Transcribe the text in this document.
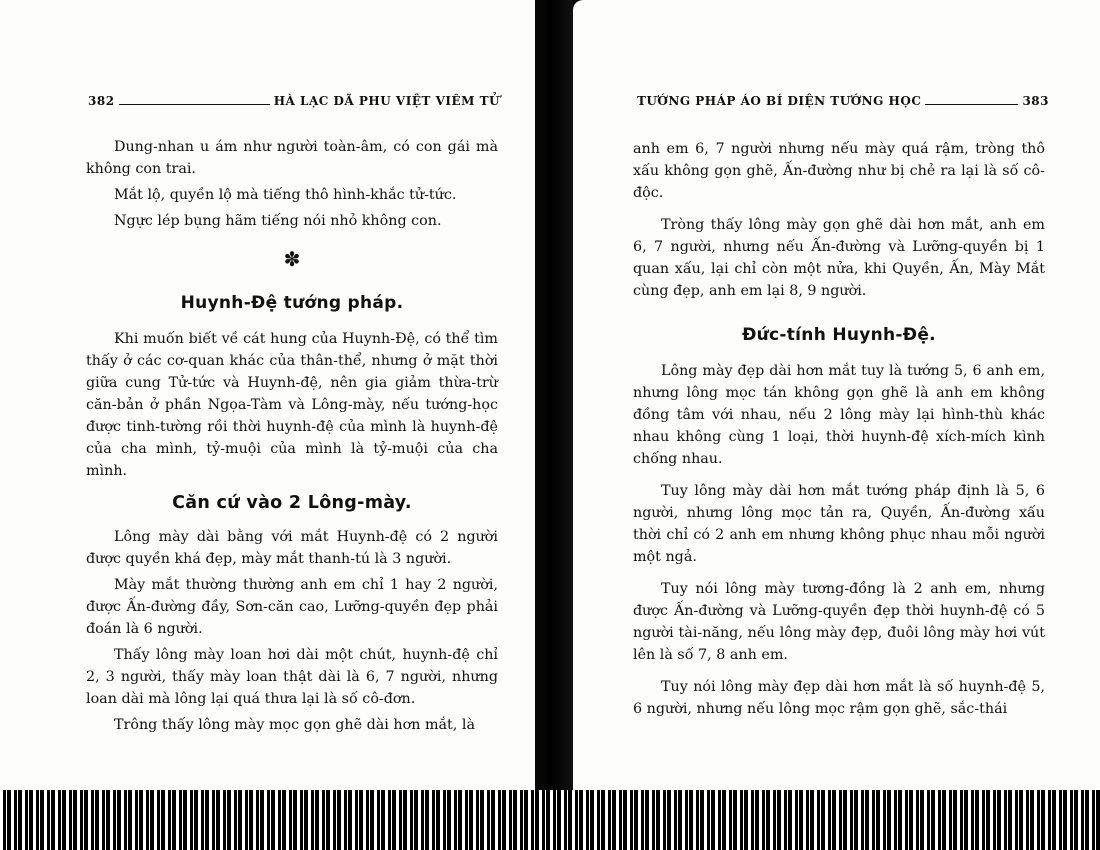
382	HÀ LẠC DÃ PHU VIỆT VIÊM TỬ

Dung-nhan u ám như người toàn-âm, có con gái mà không con trai.

Mắt lộ, quyền lộ mà tiếng thô hình-khắc tử-tức.

Ngực lép bụng hãm tiếng nói nhỏ không con.

✽
Huynh-Đệ tướng pháp.

Khi muốn biết về cát hung của Huynh-Đệ, có thể tìm thấy ở các cơ-quan khác của thân-thể, nhưng ở mặt thời giữa cung Tử-tức và Huynh-đệ, nên gia giảm thừa-trừ căn-bản ở phần Ngọa-Tàm và Lông-mày, nếu tướng-học được tinh-tường rồi thời huynh-đệ của mình là huynh-đệ của cha mình, tỷ-muội của mình là tỷ-muội của cha mình.

Căn cứ vào 2 Lông-mày.

Lông mày dài bằng với mắt Huynh-đệ có 2 người được quyền khá đẹp, mày mắt thanh-tú là 3 người.

Mày mắt thường thường anh em chỉ 1 hay 2 người, được Ấn-đường đầy, Sơn-căn cao, Lưỡng-quyền đẹp phải đoán là 6 người.

Thấy lông mày loan hơi dài một chút, huynh-đệ chỉ 2, 3 người, thấy mày loan thật dài là 6, 7 người, nhưng loan dài mà lông lại quá thưa lại là số cô-đơn.

Trông thấy lông mày mọc gọn ghẽ dài hơn mắt, là

TƯỚNG PHÁP ÁO BÍ DIỆN TƯỚNG HỌC	383

anh em 6, 7 người nhưng nếu mày quá rậm, tròng thô xấu không gọn ghẽ, Ấn-đường như bị chẻ ra lại là số cô-độc.

Tròng thấy lông mày gọn ghẽ dài hơn mắt, anh em 6, 7 người, nhưng nếu Ấn-đường và Lưỡng-quyền bị 1 quan xấu, lại chỉ còn một nửa, khi Quyền, Ấn, Mày Mắt cùng đẹp, anh em lại 8, 9 người.

Đức-tính Huynh-Đệ.

Lông mày đẹp dài hơn mắt tuy là tướng 5, 6 anh em, nhưng lông mọc tán không gọn ghẽ là anh em không đồng tâm với nhau, nếu 2 lông mày lại hình-thù khác nhau không cùng 1 loại, thời huynh-đệ xích-mích kình chống nhau.

Tuy lông mày dài hơn mắt tướng pháp định là 5, 6 người, nhưng lông mọc tản ra, Quyền, Ấn-đường xấu thời chỉ có 2 anh em nhưng không phục nhau mỗi người một ngả.

Tuy nói lông mày tương-đồng là 2 anh em, nhưng được Ấn-đường và Lưỡng-quyền đẹp thời huynh-đệ có 5 người tài-năng, nếu lông mày đẹp, đuôi lông mày hơi vút lên là số 7, 8 anh em.

Tuy nói lông mày đẹp dài hơn mắt là số huynh-đệ 5, 6 người, nhưng nếu lông mọc rậm gọn ghẽ, sắc-thái
